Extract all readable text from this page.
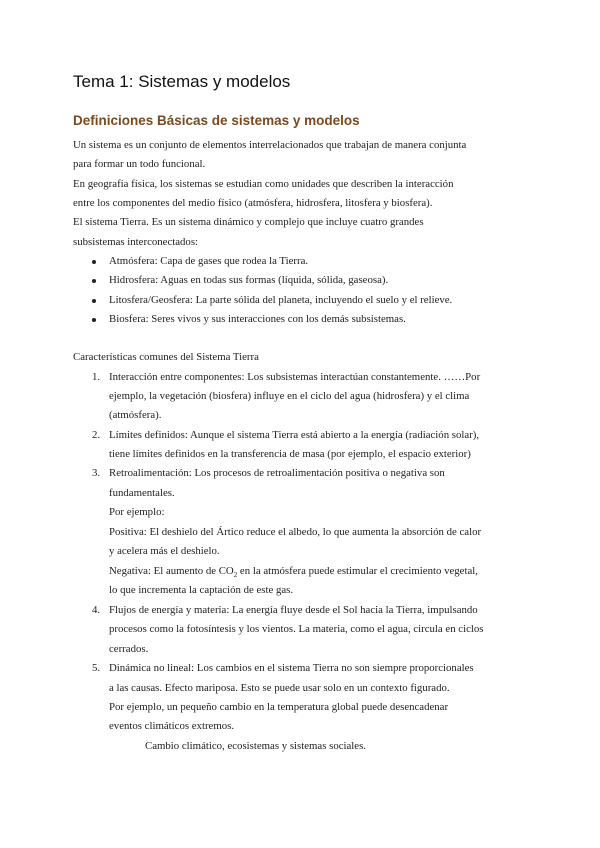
Tema 1: Sistemas y modelos
Definiciones Básicas de sistemas y modelos
Un sistema es un conjunto de elementos interrelacionados que trabajan de manera conjunta
para formar un todo funcional.
En geografía física, los sistemas se estudian como unidades que describen la interacción
entre los componentes del medio físico (atmósfera, hidrosfera, litosfera y biosfera).
El sistema Tierra. Es un sistema dinámico y complejo que incluye cuatro grandes
subsistemas interconectados:
Atmósfera: Capa de gases que rodea la Tierra.
Hidrosfera: Aguas en todas sus formas (líquida, sólida, gaseosa).
Litosfera/Geosfera: La parte sólida del planeta, incluyendo el suelo y el relieve.
Biosfera: Seres vivos y sus interacciones con los demás subsistemas.
Características comunes del Sistema Tierra
1. Interacción entre componentes: Los subsistemas interactúan constantemente. ……Por
ejemplo, la vegetación (biosfera) influye en el ciclo del agua (hidrosfera) y el clima
(atmósfera).
2. Límites definidos: Aunque el sistema Tierra está abierto a la energía (radiación solar),
tiene límites definidos en la transferencia de masa (por ejemplo, el espacio exterior)
3. Retroalimentación: Los procesos de retroalimentación positiva o negativa son
fundamentales.
Por ejemplo:
Positiva: El deshielo del Ártico reduce el albedo, lo que aumenta la absorción de calor
y acelera más el deshielo.
Negativa: El aumento de $CO_2$ en la atmósfera puede estimular el crecimiento vegetal,
lo que incrementa la captación de este gas.
4. Flujos de energía y materia: La energía fluye desde el Sol hacia la Tierra, impulsando
procesos como la fotosíntesis y los vientos. La materia, como el agua, circula en ciclos
cerrados.
5. Dinámica no lineal: Los cambios en el sistema Tierra no son siempre proporcionales
a las causas. Efecto mariposa. Esto se puede usar solo en un contexto figurado.
Por ejemplo, un pequeño cambio en la temperatura global puede desencadenar
eventos climáticos extremos.
Cambio climático, ecosistemas y sistemas sociales.
